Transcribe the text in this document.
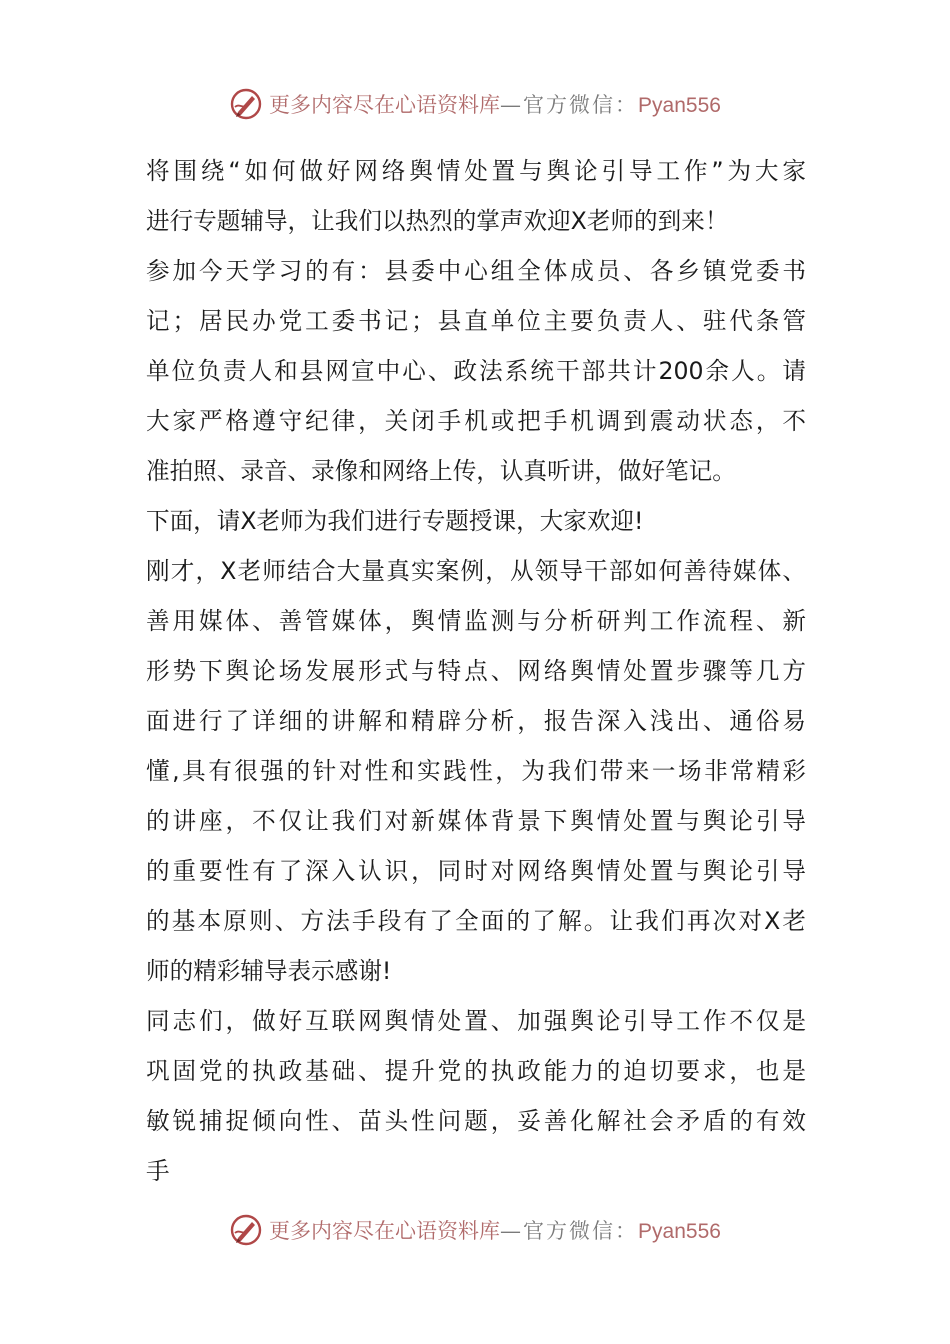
更多内容尽在心语资料库 — 官方微信： Pyan556
将围绕“如何做好网络舆情处置与舆论引导工作”为大家
进行专题辅导，让我们以热烈的掌声欢迎X老师的到来！
参加今天学习的有：县委中心组全体成员、各乡镇党委书
记；居民办党工委书记；县直单位主要负责人、驻代条管
单位负责人和县网宣中心、政法系统干部共计200余人。请
大家严格遵守纪律，关闭手机或把手机调到震动状态，不
准拍照、录音、录像和网络上传，认真听讲，做好笔记。
下面，请X老师为我们进行专题授课，大家欢迎!
刚才，X老师结合大量真实案例，从领导干部如何善待媒体、
善用媒体、善管媒体，舆情监测与分析研判工作流程、新
形势下舆论场发展形式与特点、网络舆情处置步骤等几方
面进行了详细的讲解和精辟分析，报告深入浅出、通俗易
懂,具有很强的针对性和实践性，为我们带来一场非常精彩
的讲座，不仅让我们对新媒体背景下舆情处置与舆论引导
的重要性有了深入认识，同时对网络舆情处置与舆论引导
的基本原则、方法手段有了全面的了解。让我们再次对X老
师的精彩辅导表示感谢!
同志们，做好互联网舆情处置、加强舆论引导工作不仅是
巩固党的执政基础、提升党的执政能力的迫切要求，也是
敏锐捕捉倾向性、苗头性问题，妥善化解社会矛盾的有效
手
更多内容尽在心语资料库 — 官方微信： Pyan556
